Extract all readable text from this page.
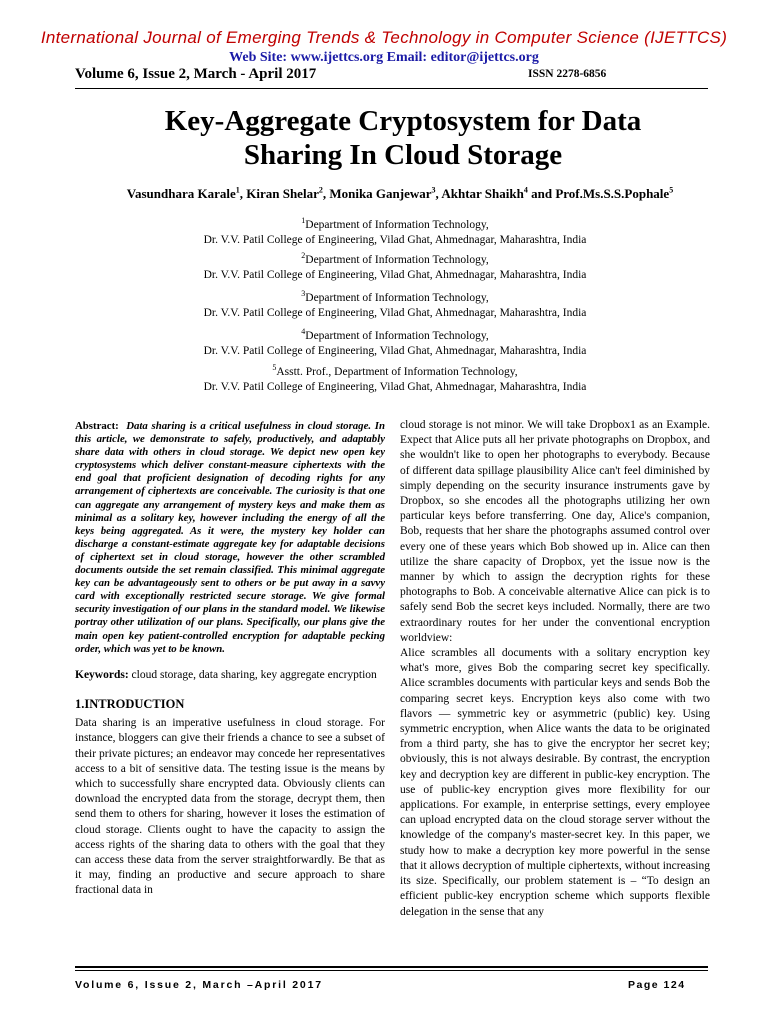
International Journal of Emerging Trends & Technology in Computer Science (IJETTCS)
Web Site: www.ijettcs.org Email: editor@ijettcs.org
Volume 6, Issue 2, March - April 2017	ISSN 2278-6856
Key-Aggregate Cryptosystem for Data
Sharing In Cloud Storage
Vasundhara Karale$^1$, Kiran Shelar$^2$, Monika Ganjewar$^3$, Akhtar Shaikh$^4$ and Prof.Ms.S.S.Pophale$^5$
$^1$Department of Information Technology,
Dr. V.V. Patil College of Engineering, Vilad Ghat, Ahmednagar, Maharashtra, India
$^2$Department of Information Technology,
Dr. V.V. Patil College of Engineering, Vilad Ghat, Ahmednagar, Maharashtra, India
$^3$Department of Information Technology,
Dr. V.V. Patil College of Engineering, Vilad Ghat, Ahmednagar, Maharashtra, India
$^4$Department of Information Technology,
Dr. V.V. Patil College of Engineering, Vilad Ghat, Ahmednagar, Maharashtra, India
$^5$Asstt. Prof., Department of Information Technology,
Dr. V.V. Patil College of Engineering, Vilad Ghat, Ahmednagar, Maharashtra, India

Abstract: Data sharing is a critical usefulness in cloud storage. In this article, we demonstrate to safely, productively, and adaptably share data with others in cloud storage. We depict new open key cryptosystems which deliver constant-measure ciphertexts with the end goal that proficient designation of decoding rights for any arrangement of ciphertexts are conceivable. The curiosity is that one can aggregate any arrangement of mystery keys and make them as minimal as a solitary key, however including the energy of all the keys being aggregated. As it were, the mystery key holder can discharge a constant-estimate aggregate key for adaptable decisions of ciphertext set in cloud storage, however the other scrambled documents outside the set remain classified. This minimal aggregate key can be advantageously sent to others or be put away in a savvy card with exceptionally restricted secure storage. We give formal security investigation of our plans in the standard model. We likewise portray other utilization of our plans. Specifically, our plans give the main open key patient-controlled encryption for adaptable pecking order, which was yet to be known.

Keywords: cloud storage, data sharing, key aggregate encryption

1.INTRODUCTION

Data sharing is an imperative usefulness in cloud storage. For instance, bloggers can give their friends a chance to see a subset of their private pictures; an endeavor may concede her representatives access to a bit of sensitive data. The testing issue is the means by which to successfully share encrypted data. Obviously clients can download the encrypted data from the storage, decrypt them, then send them to others for sharing, however it loses the estimation of cloud storage. Clients ought to have the capacity to assign the access rights of the sharing data to others with the goal that they can access these data from the server straightforwardly. Be that as it may, finding an productive and secure approach to share fractional data in

cloud storage is not minor. We will take Dropbox1 as an Example. Expect that Alice puts all her private photographs on Dropbox, and she wouldn't like to open her photographs to everybody. Because of different data spillage plausibility Alice can't feel diminished by simply depending on the security insurance instruments gave by Dropbox, so she encodes all the photographs utilizing her own particular keys before transferring. One day, Alice's companion, Bob, requests that her share the photographs assumed control over every one of these years which Bob showed up in. Alice can then utilize the share capacity of Dropbox, yet the issue now is the manner by which to assign the decryption rights for these photographs to Bob. A conceivable alternative Alice can pick is to safely send Bob the secret keys included. Normally, there are two extraordinary routes for her under the conventional encryption worldview:

Alice scrambles all documents with a solitary encryption key what's more, gives Bob the comparing secret key specifically. Alice scrambles documents with particular keys and sends Bob the comparing secret keys. Encryption keys also come with two flavors — symmetric key or asymmetric (public) key. Using symmetric encryption, when Alice wants the data to be originated from a third party, she has to give the encryptor her secret key; obviously, this is not always desirable. By contrast, the encryption key and decryption key are different in public-key encryption. The use of public-key encryption gives more flexibility for our applications. For example, in enterprise settings, every employee can upload encrypted data on the cloud storage server without the knowledge of the company's master-secret key. In this paper, we study how to make a decryption key more powerful in the sense that it allows decryption of multiple ciphertexts, without increasing its size. Specifically, our problem statement is – “To design an efficient public-key encryption scheme which supports flexible delegation in the sense that any

Volume 6, Issue 2, March –April 2017	Page 124
